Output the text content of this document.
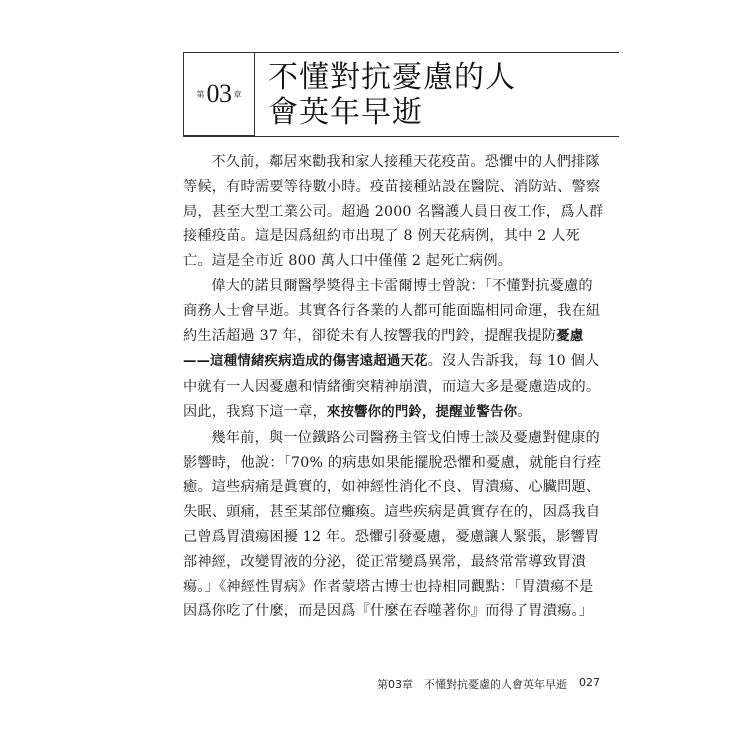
第 03 章 不懂對抗憂慮的人
會英年早逝

不久前，鄰居來勸我和家人接種天花疫苗。恐懼中的人們排隊等候，有時需要等待數小時。疫苗接種站設在醫院、消防站、警察局，甚至大型工業公司。超過 2000 名醫護人員日夜工作，爲人群接種疫苗。這是因爲紐約市出現了 8 例天花病例，其中 2 人死亡。這是全市近 800 萬人口中僅僅 2 起死亡病例。

偉大的諾貝爾醫學獎得主卡雷爾博士曾說：「不懂對抗憂慮的商務人士會早逝。其實各行各業的人都可能面臨相同命運，我在紐約生活超過 37 年，卻從未有人按響我的門鈴，提醒我提防憂慮——這種情緒疾病造成的傷害遠超過天花。沒人告訴我，每 10 個人中就有一人因憂慮和情緒衝突精神崩潰，而這大多是憂慮造成的。因此，我寫下這一章，來按響你的門鈴，提醒並警告你。

幾年前，與一位鐵路公司醫務主管戈伯博士談及憂慮對健康的影響時，他說：「70% 的病患如果能擺脫恐懼和憂慮，就能自行痊癒。這些病痛是眞實的，如神經性消化不良、胃潰瘍、心臟問題、失眠、頭痛，甚至某部位癱瘓。這些疾病是眞實存在的，因爲我自己曾爲胃潰瘍困擾 12 年。恐懼引發憂慮，憂慮讓人緊張，影響胃部神經，改變胃液的分泌，從正常變爲異常，最終常常導致胃潰瘍。」《神經性胃病》作者蒙塔古博士也持相同觀點：「胃潰瘍不是因爲你吃了什麼，而是因爲『什麼在吞噬著你』而得了胃潰瘍。」

第03章　不懂對抗憂慮的人會英年早逝 027
